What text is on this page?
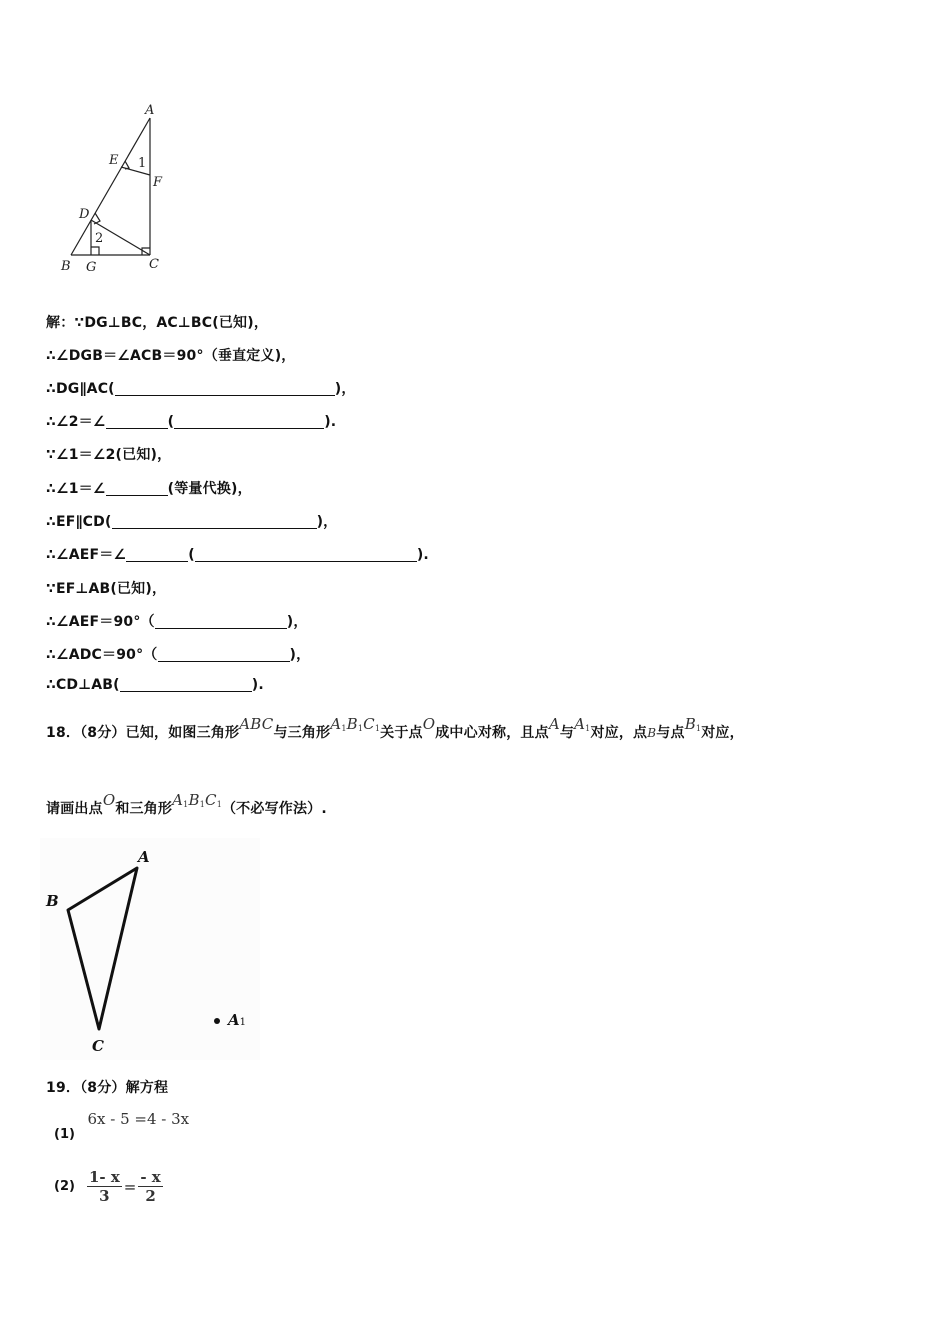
A
E 1
F
D
2
B G	C
解：∵DG⊥BC，AC⊥BC(已知)，
∴∠DGB＝∠ACB＝90°（垂直定义)，
∴DG∥AC(	)，
∴∠2＝∠	(	).
∵∠1＝∠2(已知)，
∴∠1＝∠	(等量代换)，
∴EF∥CD(	)，
∴∠AEF＝∠	(	).
∵EF⊥AB(已知)，
∴∠AEF＝90°（	)，
∴∠ADC＝90°（	)，
∴CD⊥AB(	).
18．（8分）已知，如图三角形ABC与三角形$A_1B_1C_1$关于点O成中心对称，且点A与$A_1$对应，点B与点$B_1$对应，
请画出点O和三角形$A_1B_1C_1$（不必写作法）.
A
B
C
A1
19．（8分）解方程
(1) 6x - 5 =4 - 3x
$(2) \frac{1- x}{3} = \frac{- x}{2}$
